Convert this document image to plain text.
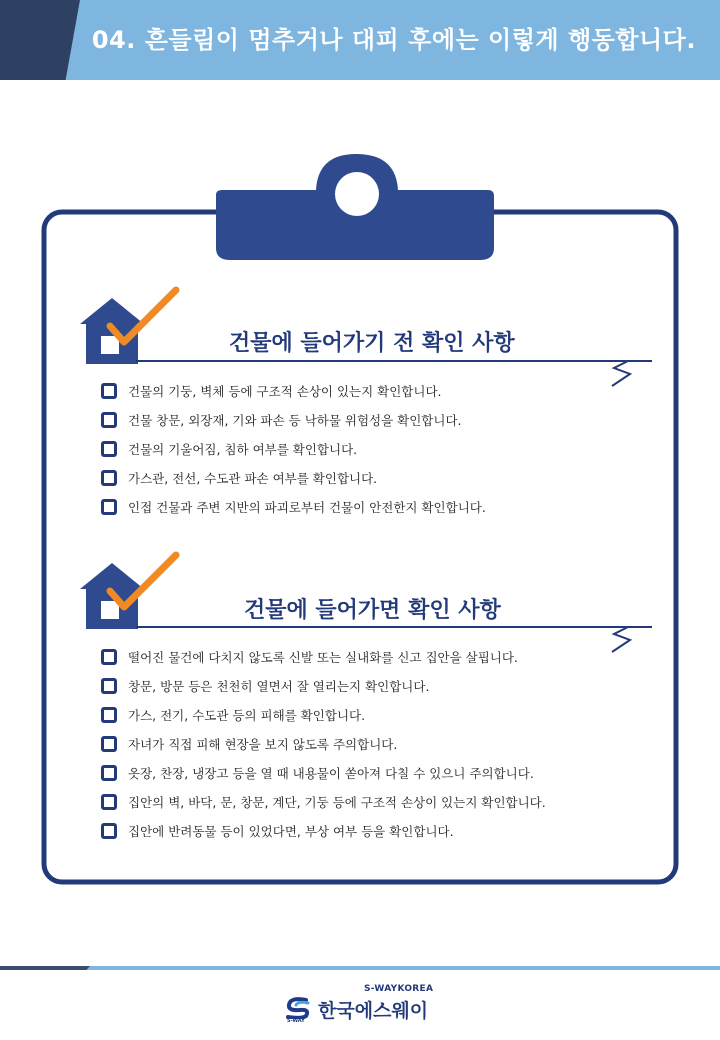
04. 흔들림이 멈추거나 대피 후에는 이렇게 행동합니다.
건물에 들어가기 전 확인 사항
건물의 기둥, 벽체 등에 구조적 손상이 있는지 확인합니다.
건물 창문, 외장재, 기와 파손 등 낙하물 위험성을 확인합니다.
건물의 기울어짐, 침하 여부를 확인합니다.
가스관, 전선, 수도관 파손 여부를 확인합니다.
인접 건물과 주변 지반의 파괴로부터 건물이 안전한지 확인합니다.
건물에 들어가면 확인 사항
떨어진 물건에 다치지 않도록 신발 또는 실내화를 신고 집안을 살핍니다.
창문, 방문 등은 천천히 열면서 잘 열리는지 확인합니다.
가스, 전기, 수도관 등의 피해를 확인합니다.
자녀가 직접 피해 현장을 보지 않도록 주의합니다.
옷장, 찬장, 냉장고 등을 열 때 내용물이 쏟아져 다칠 수 있으니 주의합니다.
집안의 벽, 바닥, 문, 창문, 계단, 기둥 등에 구조적 손상이 있는지 확인합니다.
집안에 반려동물 등이 있었다면, 부상 여부 등을 확인합니다.
S-WAYKOREA
S-WAY 한국에스웨이
